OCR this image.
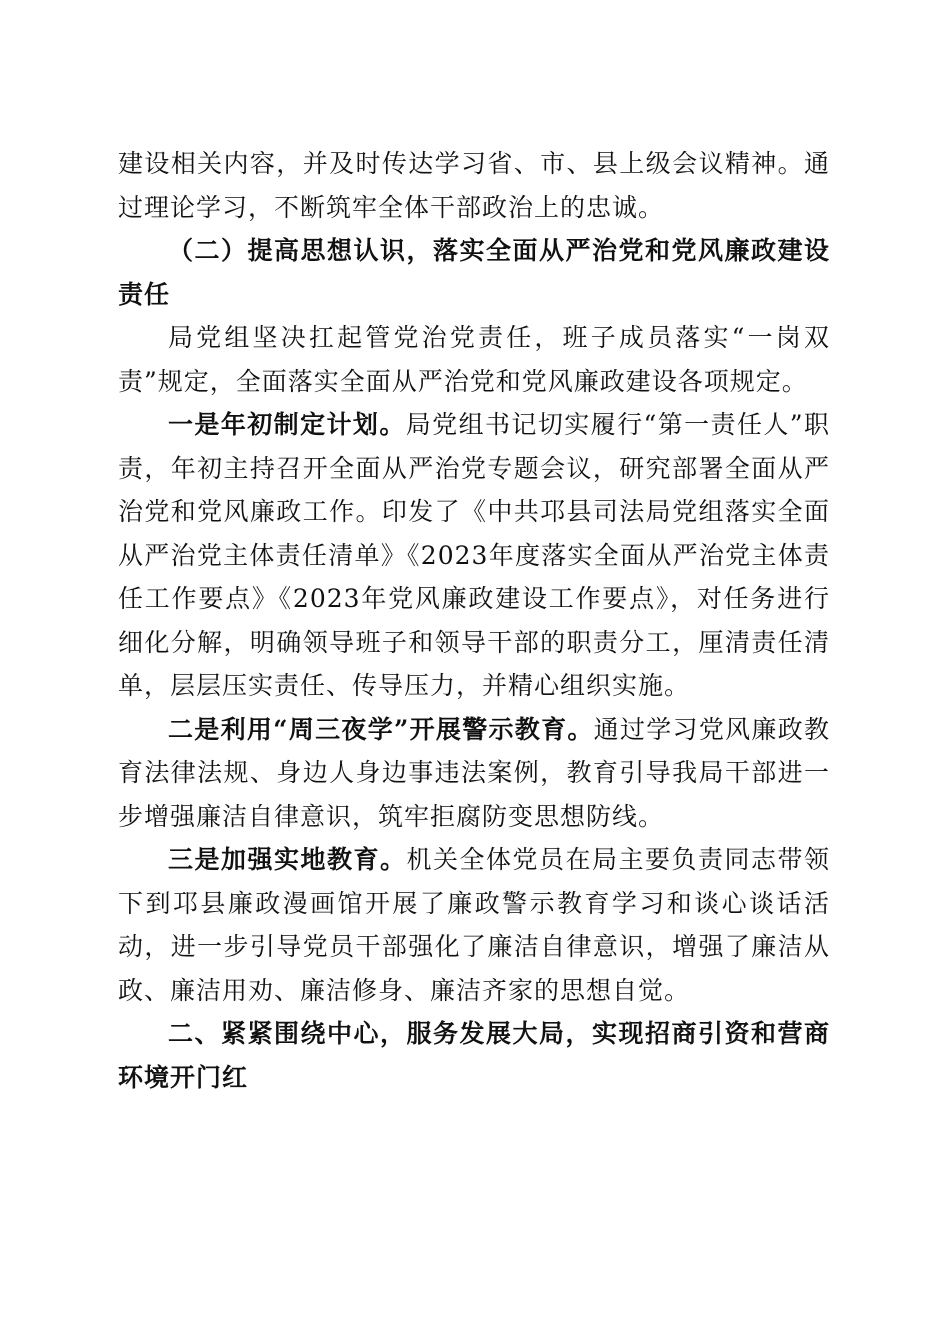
建设相关内容，并及时传达学习省、市、县上级会议精神。通过理论学习，不断筑牢全体干部政治上的忠诚。

（二）提高思想认识，落实全面从严治党和党风廉政建设责任

局党组坚决扛起管党治党责任，班子成员落实“一岗双责”规定，全面落实全面从严治党和党风廉政建设各项规定。

一是年初制定计划。局党组书记切实履行“第一责任人”职责，年初主持召开全面从严治党专题会议，研究部署全面从严治党和党风廉政工作。印发了《中共邛县司法局党组落实全面从严治党主体责任清单》《2023年度落实全面从严治党主体责任工作要点》《2023年党风廉政建设工作要点》，对任务进行细化分解，明确领导班子和领导干部的职责分工，厘清责任清单，层层压实责任、传导压力，并精心组织实施。

二是利用“周三夜学”开展警示教育。通过学习党风廉政教育法律法规、身边人身边事违法案例，教育引导我局干部进一步增强廉洁自律意识，筑牢拒腐防变思想防线。

三是加强实地教育。机关全体党员在局主要负责同志带领下到邛县廉政漫画馆开展了廉政警示教育学习和谈心谈话活动，进一步引导党员干部强化了廉洁自律意识，增强了廉洁从政、廉洁用劝、廉洁修身、廉洁齐家的思想自觉。

二、紧紧围绕中心，服务发展大局，实现招商引资和营商环境开门红
